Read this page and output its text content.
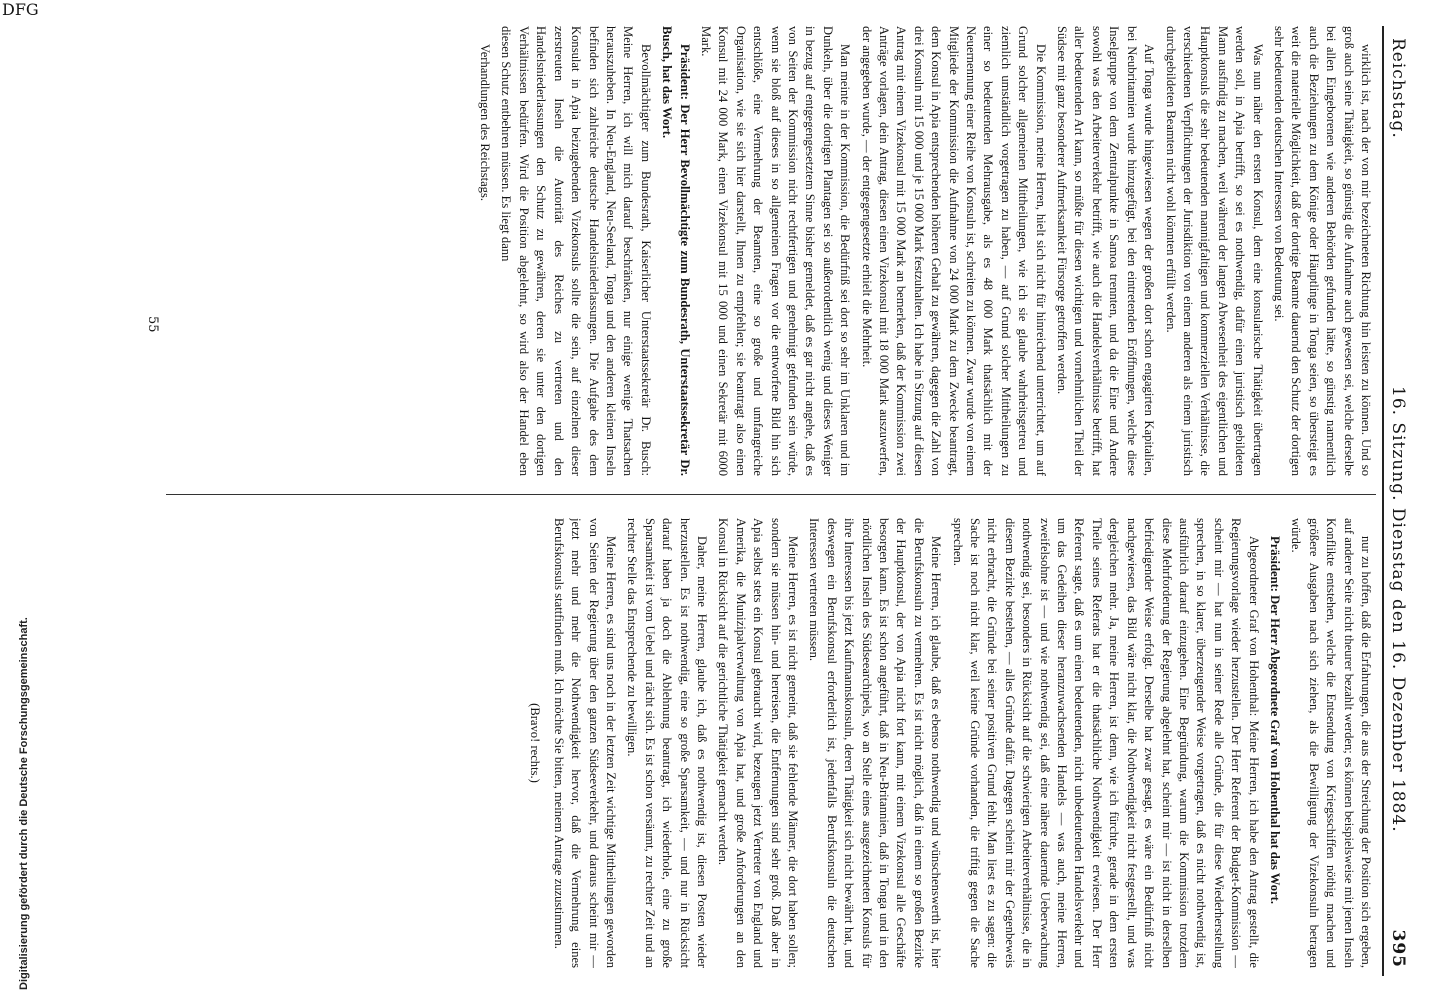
Reichstag.
16. Sitzung. Dienstag den 16. Dezember 1884.
395

wirklich ist, nach der von mir bezeichneten Richtung hin leisten zu können. Und so groß auch seine Thätigkeit, so günstig die Aufnahme auch gewesen sei, welche derselbe bei allen Eingeborenen wie anderen Behörden gefunden hätte, so günstig namentlich auch die Beziehungen zu dem Könige oder Häuptlinge in Tonga seien, so übersteigt es weit die materielle Möglichkeit, daß der dortige Beamte dauernd den Schutz der dortigen sehr bedeutenden deutschen Interessen von Bedeutung sei.

Was nun näher den ersten Konsul, dem eine konsularische Thätigkeit übertragen werden soll, in Apia betrifft, so sei es nothwendig, dafür einen juristisch gebildeten Mann ausfindig zu machen, weil während der langen Abwesenheit des eigentlichen und Hauptkonsuls die sehr bedeutenden mannigfaltigen und kommerziellen Verhältnisse, die verschiedenen Verpflichtungen der Jurisdiktion von einem anderen als einem juristisch durchgebildeten Beamten nicht wohl könnten erfüllt werden.

Auf Tonga wurde hingewiesen wegen der großen dort schon engagirten Kapitalien, bei Neubritannien wurde hinzugefügt, bei den eintretenden Eröffnungen, welche diese Inselgruppe von dem Zentralpunkte in Samoa trennten, und da die Eine und Andere sowohl was den Arbeiterverkehr betrifft, wie auch die Handelsverhältnisse betrifft, hat aller bedeutenden Art kann, so müßte für diesen wichtigen und vornehmlichen Theil der Südsee mit ganz besonderer Aufmerksamkeit Fürsorge getroffen werden.

Die Kommission, meine Herren, hielt sich nicht für hinreichend unterrichtet, um auf Grund solcher allgemeinen Mittheilungen, wie ich sie glaube wahrheitsgetreu und ziemlich umständlich vorgetragen zu haben, — auf Grund solcher Mittheilungen zu einer so bedeutenden Mehrausgabe, als es 48 000 Mark thatsächlich mit der Neuernennung einer Reihe von Konsuln ist, schreiten zu können. Zwar wurde von einem Mitgliede der Kommission die Aufnahme von 24 000 Mark zu dem Zwecke beantragt, dem Konsul in Apia entsprechenden höheren Gehalt zu gewähren, dagegen die Zahl von drei Konsuln mit 15 000 und je 15 000 Mark festzuhalten. Ich habe in Sitzung auf diesen Antrag mit einem Vizekonsul mit 15 000 Mark an bemerken, daß der Kommission zwei Anträge vorlagen, dein Antrag, diesen einen Vizekonsul mit 18 000 Mark auszuwerfen, der angegeben wurde, — der entgegengesetzte erhielt die Mehrheit.

Man meinte in der Kommission, die Bedürfniß sei dort so sehr im Unklaren und im Dunkeln, über die dortigen Plantagen sei so außerordentlich wenig und dieses Weniger in bezug auf entgegengesetztem Sinne bisher gemeldet, daß es gar nicht angehe, daß es von Seiten der Kommission nicht rechtfertigen und genehmigt gefunden sein würde, wenn sie bloß auf dieses in so allgemeinen Fragen vor die entworfene Bild hin sich entschlöße, eine Vermehrung der Beamten, eine so große und umfangreiche Organisation, wie sie sich hier darstellt, Ihnen zu empfehlen; sie beantragt also einen Konsul mit 24 000 Mark, einen Vizekonsul mit 15 000 und einen Sekretär mit 6000 Mark.

Präsident: Der Herr Bevollmächtigte zum Bundesrath, Unterstaatssekretär Dr. Busch, hat das Wort.

Bevollmächtigter zum Bundesrath, Kaiserlicher Unterstaatssekretär Dr. Busch: Meine Herren, ich will mich darauf beschränken, nur einige wenige Thatsachen herauszuheben. In Neu-England, Neu-Seeland, Tonga und den anderen kleinen Inseln befinden sich zahlreiche deutsche Handelsniederlassungen. Die Aufgabe des dem Konsulat in Apia beizugebenden Vizekonsuls sollte die sein, auf einzelnen dieser zerstreuten Inseln die Autorität des Reiches zu vertreten und den Handelsniederlassungen den Schutz zu gewähren, deren sie unter den dortigen Verhältnissen bedürfen. Wird die Position abgelehnt, so wird also der Handel eben diesen Schutz entbehren müssen. Es liegt dann

Verhandlungen des Reichstags.

nur zu hoffen, daß die Erfahrungen, die aus der Streichung der Position sich ergeben, auf anderer Seite nicht theurer bezahlt werden; es können beispielsweise mit jenen Inseln Konflikte entstehen, welche die Entsendung von Kriegsschiffen nöthig machen und größere Ausgaben nach sich ziehen, als die Bewilligung der Vizekonsuln betragen würde.

Präsident: Der Herr Abgeordnete Graf von Hohenthal hat das Wort.

Abgeordneter Graf von Hohenthal: Meine Herren, ich habe den Antrag gestellt, die Regierungsvorlage wieder herzustellen. Der Herr Referent der Budget-Kommission — scheint mir — hat nun in seiner Rede alle Gründe, die für diese Wiederherstellung sprechen, in so klarer, überzeugender Weise vorgetragen, daß es nicht nothwendig ist, ausführlich darauf einzugehen. Eine Begründung, warum die Kommission trotzdem diese Mehrforderung der Regierung abgelehnt hat, scheint mir — ist nicht in derselben befriedigender Weise erfolgt. Derselbe hat zwar gesagt, es wäre ein Bedürfniß nicht nachgewiesen, das Bild wäre nicht klar, die Nothwendigkeit nicht festgestellt, und was dergleichen mehr. Ja, meine Herren, ist denn, wie ich fürchte, gerade in dem ersten Theile seines Referats hat er die thatsächliche Nothwendigkeit erwiesen. Der Herr Referent sagte, daß es um einen bedeutenden, nicht unbedeutenden Handelsverkehr und um das Gedeihen dieser heranzuwachsenden Handels — was auch, meine Herren, zweifelsohne ist — und wie nothwendig sei, daß eine nähere dauernde Ueberwachung nothwendig sei, besonders in Rücksicht auf die schwierigen Arbeiterverhältnisse, die in diesem Bezirke bestehen, — alles Gründe dafür. Dagegen scheint mir der Gegenbeweis nicht erbracht, die Gründe bei seiner positiven Grund fehlt. Man liest es zu sagen: die Sache ist noch nicht klar, weil keine Gründe vorhanden, die triftig gegen die Sache sprechen.

Meine Herren, ich glaube, daß es ebenso nothwendig und wünschenswerth ist, hier die Berufskonsuln zu vermehren. Es ist nicht möglich, daß in einem so großen Bezirke der Hauptkonsul, der von Apia nicht fort kann, mit einem Vizekonsul alle Geschäfte besorgen kann. Es ist schon angeführt, daß in Neu-Britannien, daß in Tonga und in den nördlichen Inseln des Südseearchipels, wo an Stelle eines ausgezeichneten Konsuls für ihre Interessen bis jetzt Kaufmannskonsuln, deren Thätigkeit sich nicht bewährt hat, und deswegen ein Berufskonsul erforderlich ist, jedenfalls Berufskonsuln die deutschen Interessen vertreten müssen.

Meine Herren, es ist nicht gemeint, daß sie fehlende Männer, die dort haben sollen; sondern sie müssen hin- und herreisen, die Entfernungen sind sehr groß. Daß aber in Apia selbst stets ein Konsul gebraucht wird, bezeugen jetzt Vertreter von England und Amerika, die Munizipalverwaltung von Apia hat, und große Anforderungen an den Konsul in Rücksicht auf die gerichtliche Thätigkeit gemacht werden.

Daher, meine Herren, glaube ich, daß es nothwendig ist, diesen Posten wieder herzustellen. Es ist nothwendig, eine so große Sparsamkeit, — und nur in Rücksicht darauf haben ja doch die Ablehnung beantragt, ich wiederhole, eine zu große Sparsamkeit ist vom Uebel und rächt sich. Es ist schon versäumt, zu rechter Zeit und an rechter Stelle das Entsprechende zu bewilligen.

Meine Herren, es sind uns noch in der letzten Zeit wichtige Mittheilungen geworden von Seiten der Regierung über den ganzen Südseeverkehr, und daraus scheint mir — jetzt mehr und mehr die Nothwendigkeit hervor, daß die Vermehrung eines Berufskonsuls stattfinden muß. Ich möchte Sie bitten, meinem Antrage zuzustimmen.

(Bravo! rechts.)

55
Digitalisierung gefördert durch die Deutsche Forschungsgemeinschaft.
DFG
